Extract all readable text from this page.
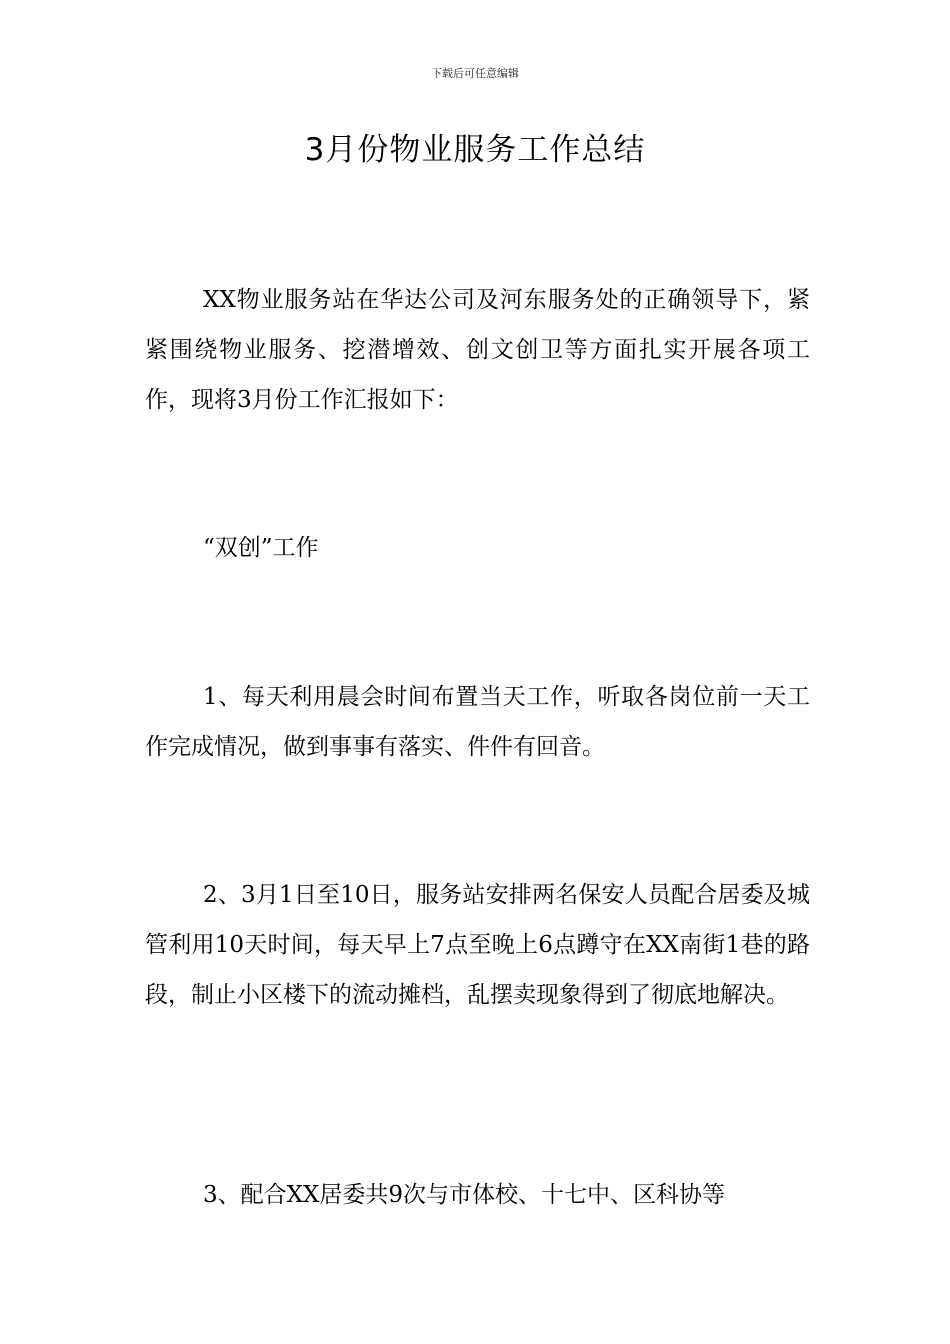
下载后可任意编辑
3月份物业服务工作总结

XX物业服务站在华达公司及河东服务处的正确领导下，紧紧围绕物业服务、挖潜增效、创文创卫等方面扎实开展各项工作，现将3月份工作汇报如下：

“双创”工作

1、每天利用晨会时间布置当天工作，听取各岗位前一天工作完成情况，做到事事有落实、件件有回音。

2、3月1日至10日，服务站安排两名保安人员配合居委及城管利用10天时间，每天早上7点至晚上6点蹲守在XX南街1巷的路段，制止小区楼下的流动摊档，乱摆卖现象得到了彻底地解决。

3、配合XX居委共9次与市体校、十七中、区科协等
